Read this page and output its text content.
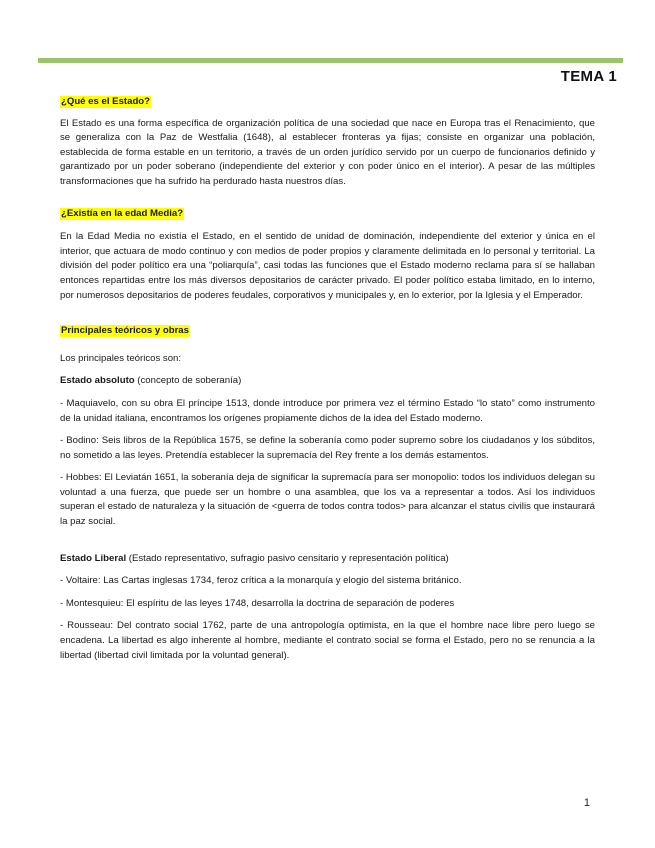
TEMA 1
¿Qué es el Estado?

El Estado es una forma específica de organización política de una sociedad que nace en Europa tras el Renacimiento, que se generaliza con la Paz de Westfalia (1648), al establecer fronteras ya fijas; consiste en organizar una población, establecida de forma estable en un territorio, a través de un orden jurídico servido por un cuerpo de funcionarios definido y garantizado por un poder soberano (independiente del exterior y con poder único en el interior). A pesar de las múltiples transformaciones que ha sufrido ha perdurado hasta nuestros días.

¿Existía en la edad Media?

En la Edad Media no existía el Estado, en el sentido de unidad de dominación, independiente del exterior y única en el interior, que actuara de modo continuo y con medios de poder propios y claramente delimitada en lo personal y territorial. La división del poder político era una “poliarquía”, casi todas las funciones que el Estado moderno reclama para sí se hallaban entonces repartidas entre los más diversos depositarios de carácter privado. El poder político estaba limitado, en lo interno, por numerosos depositarios de poderes feudales, corporativos y municipales y, en lo exterior, por la Iglesia y el Emperador.

Principales teóricos y obras

Los principales teóricos son:

Estado absoluto (concepto de soberanía)

- Maquiavelo, con su obra El príncipe 1513, donde introduce por primera vez el término Estado “lo stato” como instrumento de la unidad italiana, encontramos los orígenes propiamente dichos de la idea del Estado moderno.

- Bodino: Seis libros de la República 1575, se define la soberanía como poder supremo sobre los ciudadanos y los súbditos, no sometido a las leyes. Pretendía establecer la supremacía del Rey frente a los demás estamentos.

- Hobbes: El Leviatán 1651, la soberanía deja de significar la supremacía para ser monopolio: todos los individuos delegan su voluntad a una fuerza, que puede ser un hombre o una asamblea, que los va a representar a todos. Así los individuos superan el estado de naturaleza y la situación de <guerra de todos contra todos> para alcanzar el status civilis que instaurará la paz social.

Estado Liberal (Estado representativo, sufragio pasivo censitario y representación política)

- Voltaire: Las Cartas inglesas 1734, feroz crítica a la monarquía y elogio del sistema británico.

- Montesquieu: El espíritu de las leyes 1748, desarrolla la doctrina de separación de poderes

- Rousseau: Del contrato social 1762, parte de una antropología optimista, en la que el hombre nace libre pero luego se encadena. La libertad es algo inherente al hombre, mediante el contrato social se forma el Estado, pero no se renuncia a la libertad (libertad civil limitada por la voluntad general).

1
